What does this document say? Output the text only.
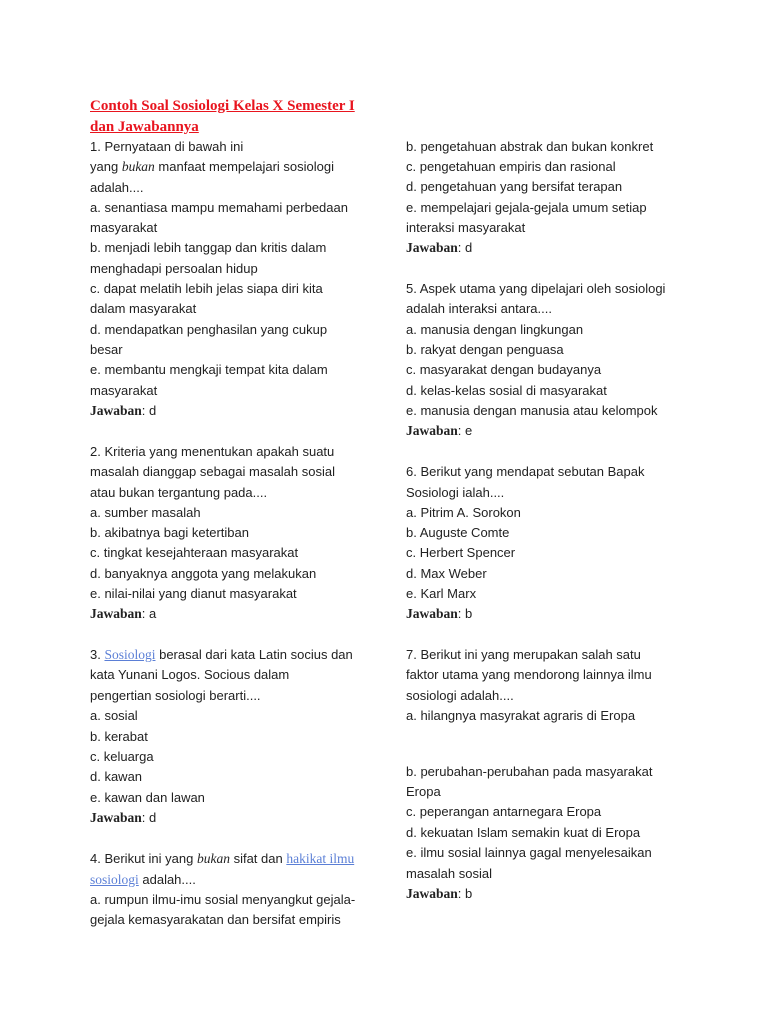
Contoh Soal Sosiologi Kelas X Semester I
dan Jawabannya
1. Pernyataan di bawah ini
yang bukan manfaat mempelajari sosiologi
adalah....
a. senantiasa mampu memahami perbedaan
masyarakat
b. menjadi lebih tanggap dan kritis dalam
menghadapi persoalan hidup
c. dapat melatih lebih jelas siapa diri kita
dalam masyarakat
d. mendapatkan penghasilan yang cukup
besar
e. membantu mengkaji tempat kita dalam
masyarakat
Jawaban: d
2. Kriteria yang menentukan apakah suatu
masalah dianggap sebagai masalah sosial
atau bukan tergantung pada....
a. sumber masalah
b. akibatnya bagi ketertiban
c. tingkat kesejahteraan masyarakat
d. banyaknya anggota yang melakukan
e. nilai-nilai yang dianut masyarakat
Jawaban: a
3. Sosiologi berasal dari kata Latin socius dan
kata Yunani Logos. Socious dalam
pengertian sosiologi berarti....
a. sosial
b. kerabat
c. keluarga
d. kawan
e. kawan dan lawan
Jawaban: d
4. Berikut ini yang bukan sifat dan hakikat ilmu
sosiologi adalah....
a. rumpun ilmu-imu sosial menyangkut gejala-
gejala kemasyarakatan dan bersifat empiris
b. pengetahuan abstrak dan bukan konkret
c. pengetahuan empiris dan rasional
d. pengetahuan yang bersifat terapan
e. mempelajari gejala-gejala umum setiap
interaksi masyarakat
Jawaban: d
5. Aspek utama yang dipelajari oleh sosiologi
adalah interaksi antara....
a. manusia dengan lingkungan
b. rakyat dengan penguasa
c. masyarakat dengan budayanya
d. kelas-kelas sosial di masyarakat
e. manusia dengan manusia atau kelompok
Jawaban: e
6. Berikut yang mendapat sebutan Bapak
Sosiologi ialah....
a. Pitrim A. Sorokon
b. Auguste Comte
c. Herbert Spencer
d. Max Weber
e. Karl Marx
Jawaban: b
7. Berikut ini yang merupakan salah satu
faktor utama yang mendorong lainnya ilmu
sosiologi adalah....
a. hilangnya masyrakat agraris di Eropa
b. perubahan-perubahan pada masyarakat
Eropa
c. peperangan antarnegara Eropa
d. kekuatan Islam semakin kuat di Eropa
e. ilmu sosial lainnya gagal menyelesaikan
masalah sosial
Jawaban: b
